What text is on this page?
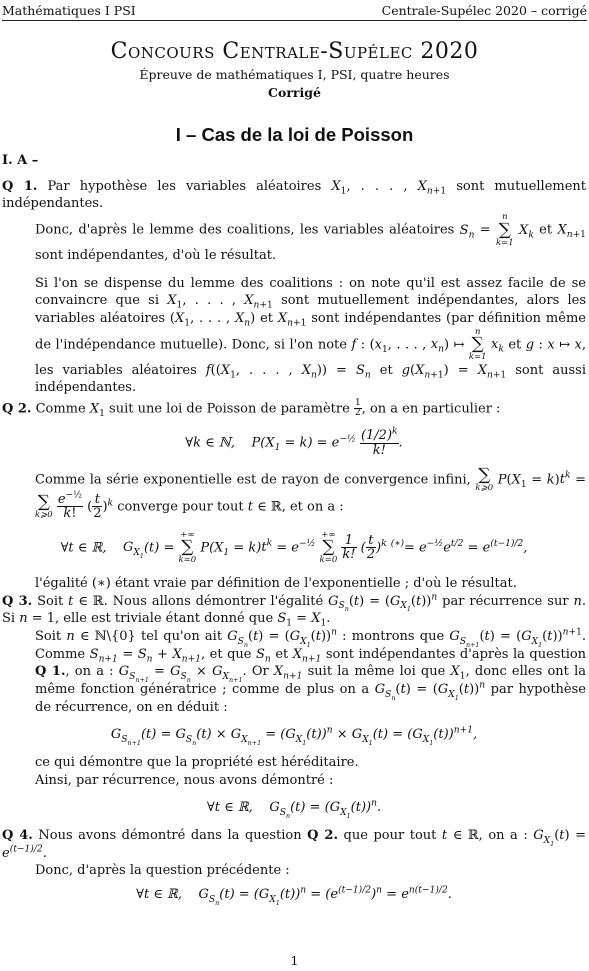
Mathématiques I PSI	Centrale-Supélec 2020 – corrigé
Concours Centrale-Supélec 2020
Épreuve de mathématiques I, PSI, quatre heures
Corrigé
I – Cas de la loi de Poisson

I. A –

Q 1. Par hypothèse les variables aléatoires $X_1$, . . . , $X_{n+1}$ sont mutuellement indépendantes.

Donc, d'après le lemme des coalitions, les variables aléatoires $S_n$ =
n
∑
k=1
$X_k$ et $X_{n+1}$ sont indépendantes, d'où le résultat.

Si l'on se dispense du lemme des coalitions : on note qu'il est assez facile de se convaincre que si $X_1$, . . . , $X_{n+1}$ sont mutuellement indépendantes, alors les variables aléatoires ($X_1$, . . . , $X_n$) et $X_{n+1}$ sont indépendantes (par définition même de l'indépendance mutuelle). Donc, si l'on note f : ($x_1$, . . . , $x_n$) ↦
n
∑
k=1
$x_k$ et g : x ↦ x, les variables aléatoires $f((X_1$, . . . , $X_n)) = S_n$ et $g(X_{n+1}) = X_{n+1}$ sont aussi indépendantes.

Q 2. Comme $X_1$ suit une loi de Poisson de paramètre $\frac{1}{2}$ , on a en particulier :

∀k ∈ ℕ,    $P(X_1 = k) = e^{-\frac{1}{2}} \frac{(1/2)^k}{k!}$ .

Comme la série exponentielle est de rayon de convergence infini, ∑
k⩾0
$P(X_1 = k)t^k$ =
∑
k⩾0
$\frac{e^{-\frac{1}{2}}}{k!}$ ( $\frac{t}{2} )^k$ converge pour tout t ∈ ℝ, et on a :

∀t ∈ ℝ,    $G_{X_1}(t)$ =
+∞
∑
k=0
$P(X_1 = k)t^k = e^{-\frac{1}{2}}$
+∞
∑
k=0
$\frac{1}{k!}$ ( $\frac{t}{2} )^k$ $^{(∗)}= e^{-\frac{1}{2}}e^{t/2} = e^{(t-1)/2}$,

l'égalité (∗) étant vraie par définition de l'exponentielle ; d'où le résultat.

Q 3. Soit t ∈ ℝ. Nous allons démontrer l'égalité $G_{S_n}(t) = (G_{X_1}(t))^n$ par récurrence sur n. Si n = 1, elle est triviale étant donné que $S_1 = X_1$.

Soit n ∈ ℕ\{0} tel qu'on ait $G_{S_n}(t) = (G_{X_1}(t))^n$ : montrons que $G_{S_{n+1}}(t) = (G_{X_1}(t))^{n+1}$. Comme $S_{n+1} = S_n + X_{n+1}$, et que $S_n$ et $X_{n+1}$ sont indépendantes d'après la question Q 1., on a : $G_{S_{n+1}} = G_{S_n} \times G_{X_{n+1}}$. Or $X_{n+1}$ suit la même loi que $X_1$, donc elles ont la même fonction génératrice ; comme de plus on a $G_{S_n}(t) = (G_{X_1}(t))^n$ par hypothèse de récurrence, on en déduit :

$G_{S_{n+1}}(t) = G_{S_n}(t) \times G_{X_{n+1}} = (G_{X_1}(t))^n \times G_{X_1}(t) = (G_{X_1}(t))^{n+1}$,

ce qui démontre que la propriété est héréditaire.

Ainsi, par récurrence, nous avons démontré :

∀t ∈ ℝ,    $G_{S_n}(t) = (G_{X_1}(t))^n$.

Q 4. Nous avons démontré dans la question Q 2. que pour tout t ∈ ℝ, on a : $G_{X_1}(t) = e^{(t-1)/2}$.

Donc, d'après la question précédente :

∀t ∈ ℝ,    $G_{S_n}(t) = (G_{X_1}(t))^n = (e^{(t-1)/2})^n = e^{n(t-1)/2}$.
1
